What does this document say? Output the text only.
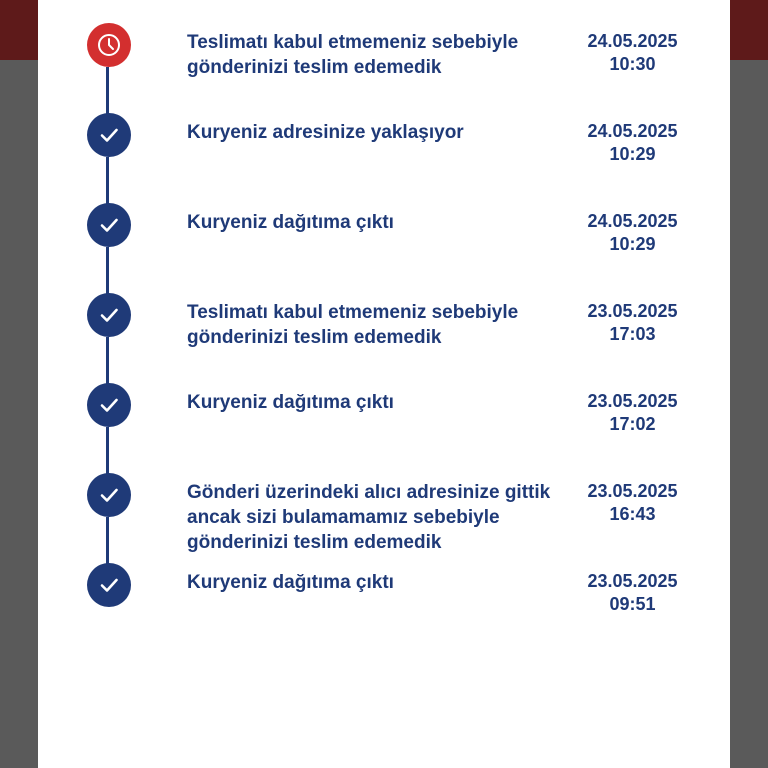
Teslimatı kabul etmemeniz sebebiyle
gönderinizi teslim edemedik
24.05.2025
10:30
Kuryeniz adresinize yaklaşıyor	24.05.2025
10:29
Kuryeniz dağıtıma çıktı	24.05.2025
10:29
Teslimatı kabul etmemeniz sebebiyle
gönderinizi teslim edemedik
23.05.2025
17:03
Kuryeniz dağıtıma çıktı	23.05.2025
17:02
Gönderi üzerindeki alıcı adresinize gittik
ancak sizi bulamamamız sebebiyle
gönderinizi teslim edemedik
23.05.2025
16:43
Kuryeniz dağıtıma çıktı	23.05.2025
09:51
